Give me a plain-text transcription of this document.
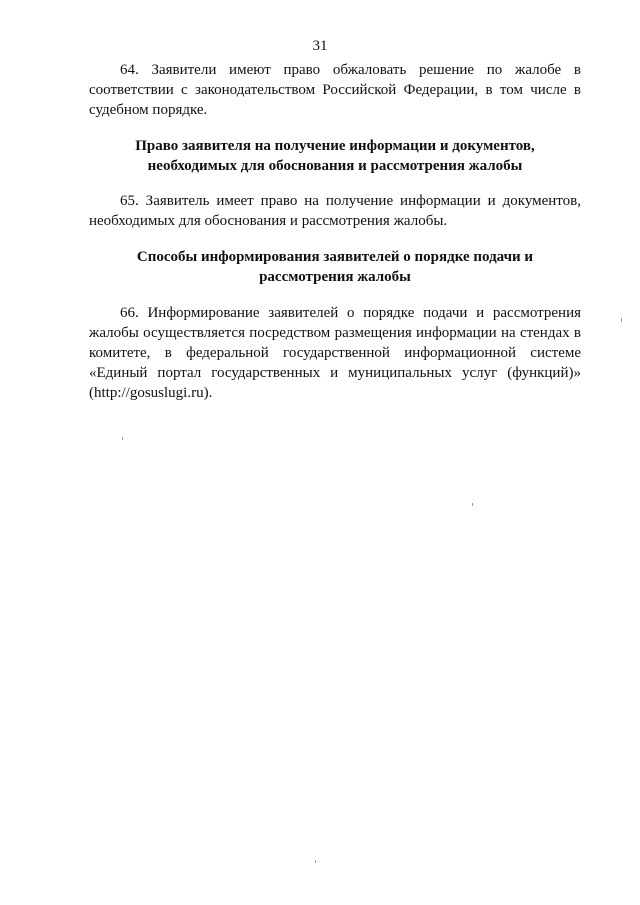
31

64. Заявители имеют право обжаловать решение по жалобе в соответствии с законодательством Российской Федерации, в том числе в судебном порядке.

Право заявителя на получение информации и документов, необходимых для обоснования и рассмотрения жалобы

65. Заявитель имеет право на получение информации и документов, необходимых для обоснования и рассмотрения жалобы.

Способы информирования заявителей о порядке подачи и рассмотрения жалобы

66. Информирование заявителей о порядке подачи и рассмотрения жалобы осуществляется посредством размещения информации на стендах в комитете, в федеральной государственной информационной системе «Единый портал государственных и муниципальных услуг (функций)» (http://gosuslugi.ru).
